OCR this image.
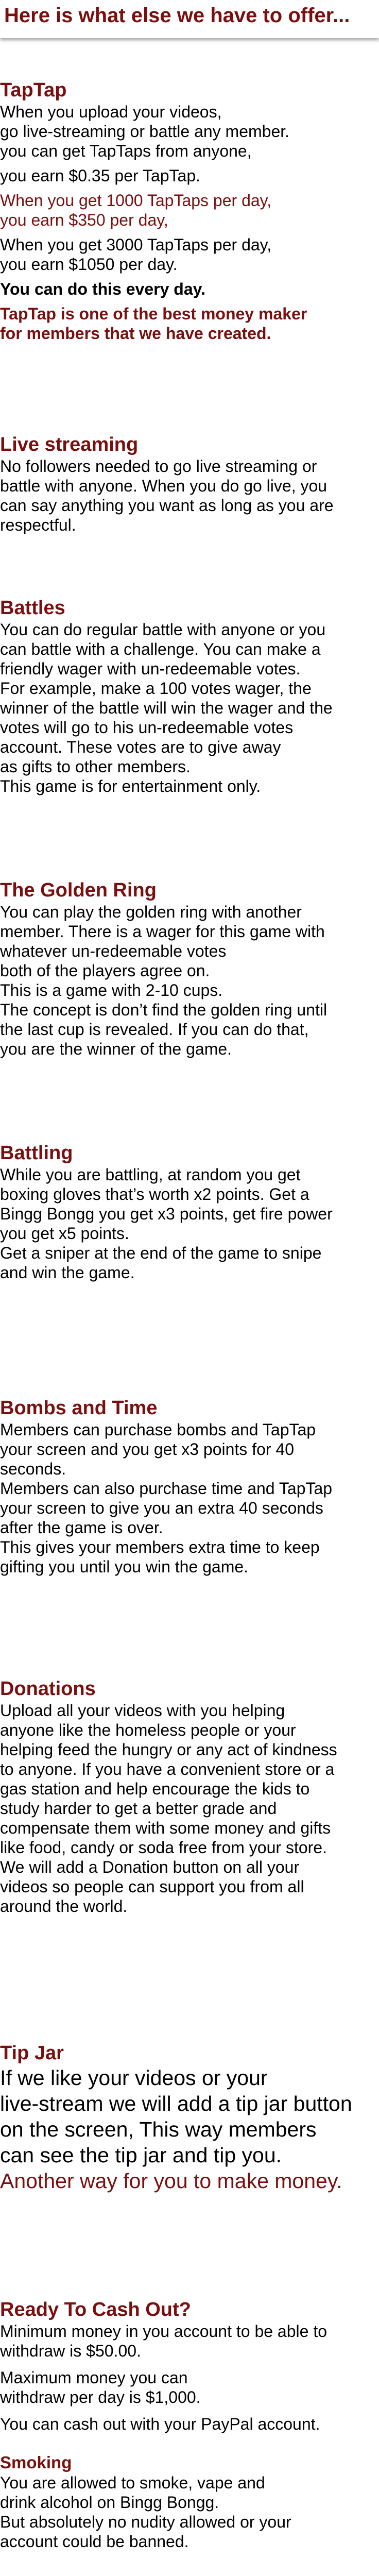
Here is what else we have to offer...
TapTap

When you upload your videos,
go live-streaming or battle any member.
you can get TapTaps from anyone,

you earn $0.35 per TapTap.

When you get 1000 TapTaps per day,
you earn $350 per day,

When you get 3000 TapTaps per day,
you earn $1050 per day.

You can do this every day.

TapTap is one of the best money maker
for members that we have created.

Live streaming

No followers needed to go live streaming or
battle with anyone. When you do go live, you
can say anything you want as long as you are
respectful.

Battles

You can do regular battle with anyone or you
can battle with a challenge. You can make a
friendly wager with un-redeemable votes.
For example, make a 100 votes wager, the
winner of the battle will win the wager and the
votes will go to his un-redeemable votes
account. These votes are to give away
as gifts to other members.
This game is for entertainment only.

The Golden Ring

You can play the golden ring with another
member. There is a wager for this game with
whatever un-redeemable votes
both of the players agree on.
This is a game with 2-10 cups.
The concept is don’t find the golden ring until
the last cup is revealed. If you can do that,
you are the winner of the game.

Battling

While you are battling, at random you get
boxing gloves that’s worth x2 points. Get a
Bingg Bongg you get x3 points, get fire power
you get x5 points.
Get a sniper at the end of the game to snipe
and win the game.

Bombs and Time

Members can purchase bombs and TapTap
your screen and you get x3 points for 40
seconds.
Members can also purchase time and TapTap
your screen to give you an extra 40 seconds
after the game is over.
This gives your members extra time to keep
gifting you until you win the game.

Donations

Upload all your videos with you helping
anyone like the homeless people or your
helping feed the hungry or any act of kindness
to anyone. If you have a convenient store or a
gas station and help encourage the kids to
study harder to get a better grade and
compensate them with some money and gifts
like food, candy or soda free from your store.
We will add a Donation button on all your
videos so people can support you from all
around the world.

Tip Jar

If we like your videos or your
live-stream we will add a tip jar button
on the screen, This way members
can see the tip jar and tip you.

Another way for you to make money.

Ready To Cash Out?

Minimum money in you account to be able to
withdraw is $50.00.

Maximum money you can
withdraw per day is $1,000.

You can cash out with your PayPal account.

Smoking

You are allowed to smoke, vape and
drink alcohol on Bingg Bongg.
But absolutely no nudity allowed or your
account could be banned.
